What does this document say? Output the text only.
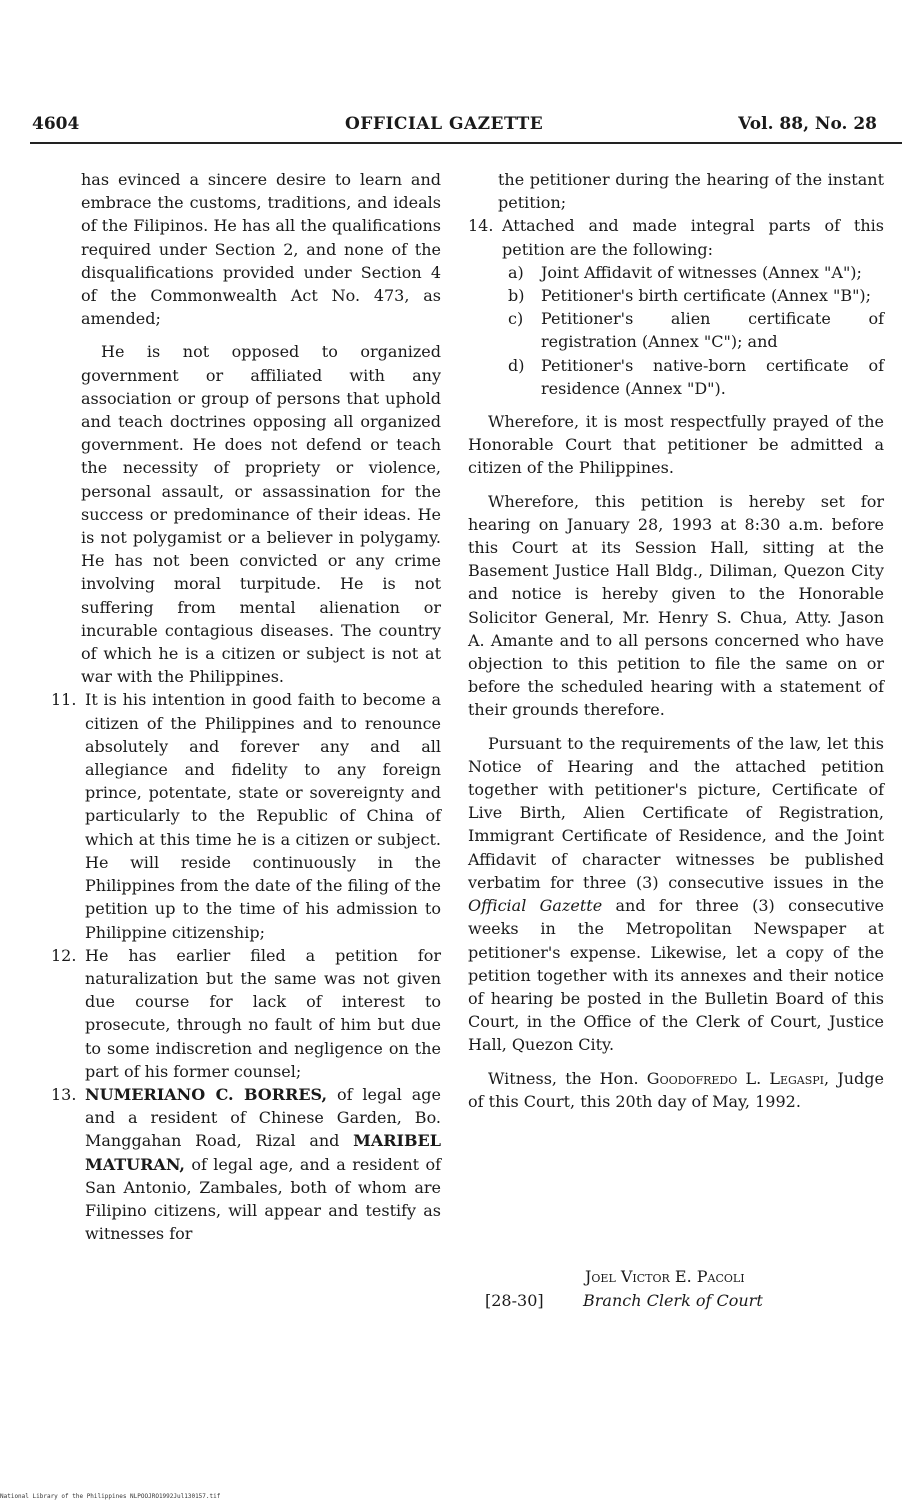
4604	OFFICIAL GAZETTE	Vol. 88, No. 28

has evinced a sincere desire to learn and embrace the customs, traditions, and ideals of the Filipinos. He has all the qualifications required under Section 2, and none of the disqualifications provided under Section 4 of the Commonwealth Act No. 473, as amended;

He is not opposed to organized government or affiliated with any association or group of persons that uphold and teach doctrines opposing all organized government. He does not defend or teach the necessity of propriety or violence, personal assault, or assassination for the success or predominance of their ideas. He is not polygamist or a believer in polygamy. He has not been convicted or any crime involving moral turpitude. He is not suffering from mental alienation or incurable contagious diseases. The country of which he is a citizen or subject is not at war with the Philippines.

11. It is his intention in good faith to become a citizen of the Philippines and to renounce absolutely and forever any and all allegiance and fidelity to any foreign prince, potentate, state or sovereignty and particularly to the Republic of China of which at this time he is a citizen or subject. He will reside continuously in the Philippines from the date of the filing of the petition up to the time of his admission to Philippine citizenship;
12. He has earlier filed a petition for naturalization but the same was not given due course for lack of interest to prosecute, through no fault of him but due to some indiscretion and negligence on the part of his former counsel;
13. NUMERIANO C. BORRES, of legal age and a resident of Chinese Garden, Bo. Manggahan Road, Rizal and MARIBEL MATURAN, of legal age, and a resident of San Antonio, Zambales, both of whom are Filipino citizens, will appear and testify as witnesses for

the petitioner during the hearing of the instant petition;

14. Attached and made integral parts of this petition are the following:
a)	Joint Affidavit of witnesses (Annex "A");
b)	Petitioner's birth certificate (Annex "B");
c)	Petitioner's alien certificate of registration (Annex "C"); and
d)	Petitioner's native-born certificate of residence (Annex "D").

Wherefore, it is most respectfully prayed of the Honorable Court that petitioner be admitted a citizen of the Philippines.

Wherefore, this petition is hereby set for hearing on January 28, 1993 at 8:30 a.m. before this Court at its Session Hall, sitting at the Basement Justice Hall Bldg., Diliman, Quezon City and notice is hereby given to the Honorable Solicitor General, Mr. Henry S. Chua, Atty. Jason A. Amante and to all persons concerned who have objection to this petition to file the same on or before the scheduled hearing with a statement of their grounds therefore.

Pursuant to the requirements of the law, let this Notice of Hearing and the attached petition together with petitioner's picture, Certificate of Live Birth, Alien Certificate of Registration, Immigrant Certificate of Residence, and the Joint Affidavit of character witnesses be published verbatim for three (3) consecutive issues in the Official Gazette and for three (3) consecutive weeks in the Metropolitan Newspaper at petitioner's expense. Likewise, let a copy of the petition together with its annexes and their notice of hearing be posted in the Bulletin Board of this Court, in the Office of the Clerk of Court, Justice Hall, Quezon City.

Witness, the Hon. Goodofredo L. Legaspi, Judge of this Court, this 20th day of May, 1992.

Joel Victor E. Pacoli
[28-30]	Branch Clerk of Court
National Library of the Philippines NLPOOJRO1992Jul130157.tif
